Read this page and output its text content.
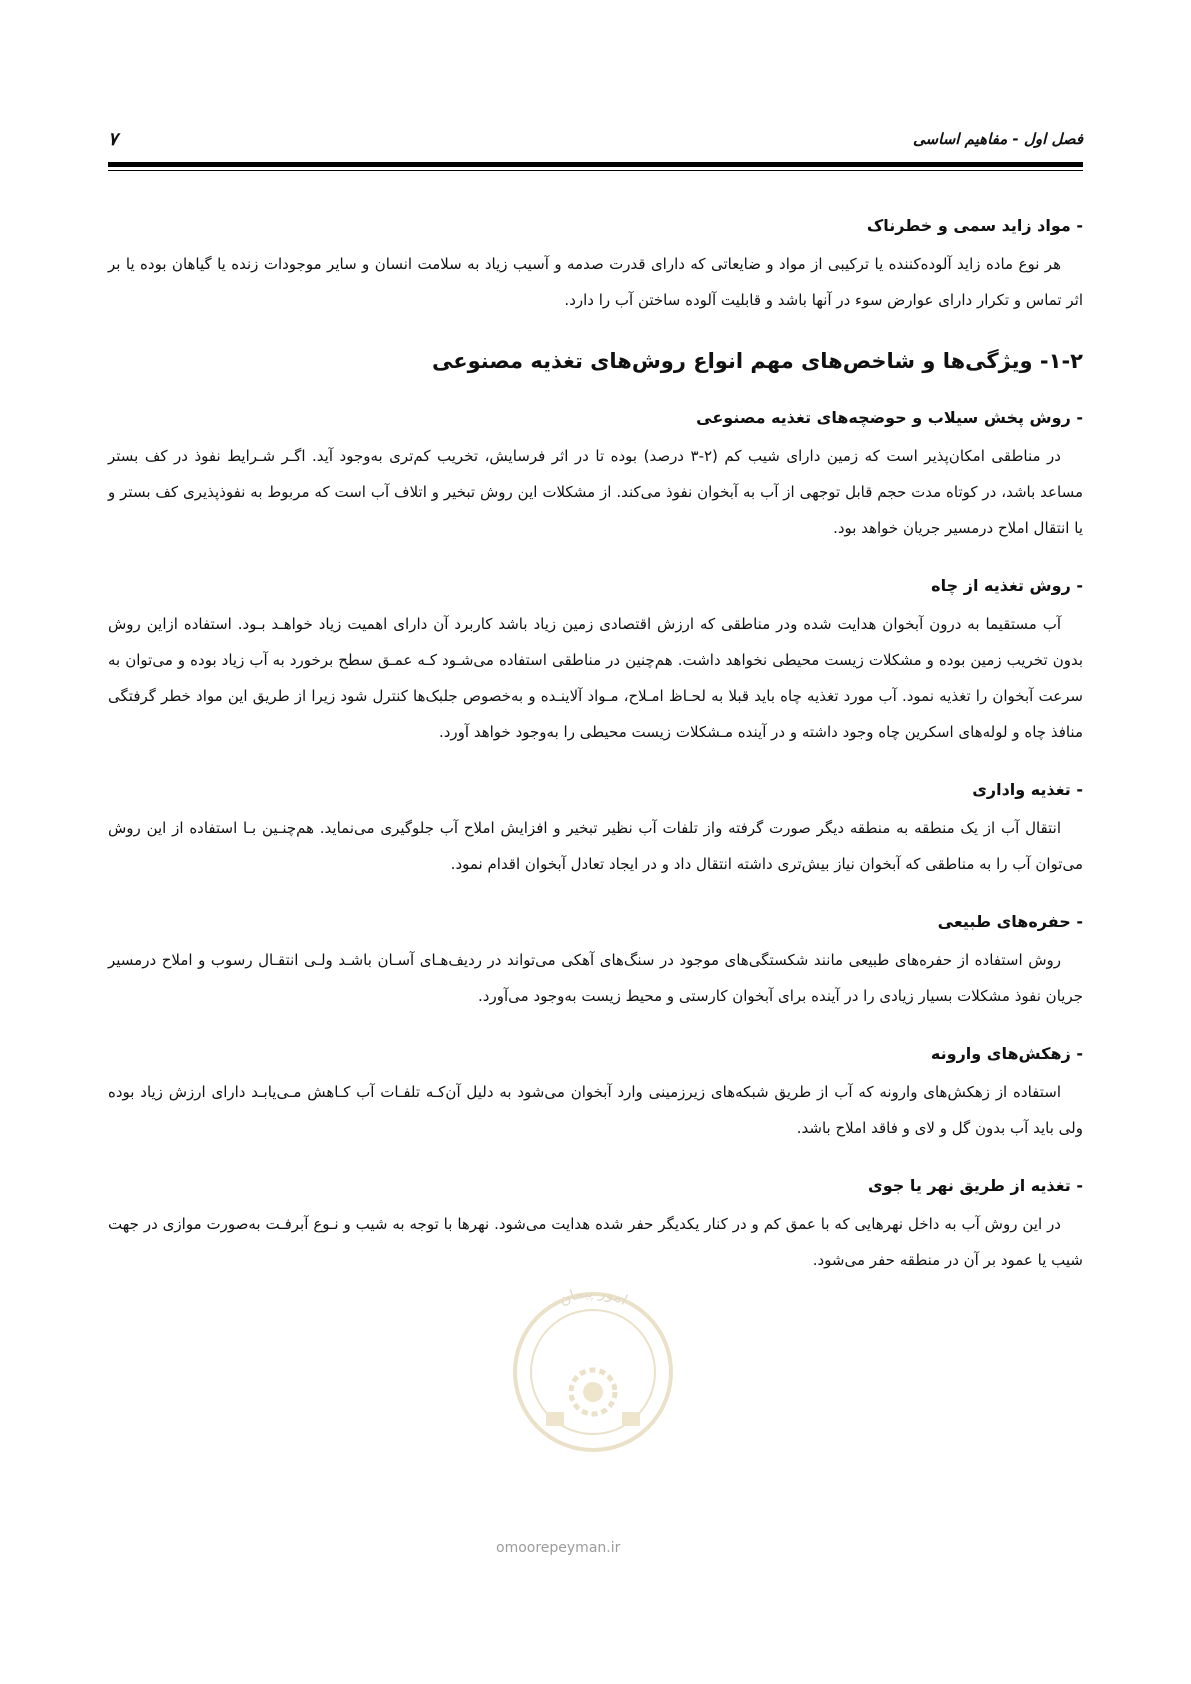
فصل اول - مفاهیم اساسی
۷
- مواد زاید سمی و خطرناک

هر نوع ماده زاید آلوده‌کننده یا ترکیبی از مواد و ضایعاتی که دارای قدرت صدمه و آسیب زیاد به سلامت انسان و سایر موجودات زنده یا گیاهان بوده یا بر اثر تماس و تکرار دارای عوارض سوء در آنها باشد و قابلیت آلوده ساختن آب را دارد.

۱-۲- ویژگی‌ها و شاخص‌های مهم انواع روش‌های تغذیه مصنوعی
- روش پخش سیلاب و حوضچه‌های تغذیه مصنوعی

در مناطقی امکان‌پذیر است که زمین دارای شیب کم (۲-۳ درصد) بوده تا در اثر فرسایش، تخریب کم‌تری به‌وجود آید. اگـر شـرایط نفوذ در کف بستر مساعد باشد، در کوتاه مدت حجم قابل توجهی از آب به آبخوان نفوذ می‌کند. از مشکلات این روش تبخیر و اتلاف آب است که مربوط به نفوذپذیری کف بستر و یا انتقال املاح درمسیر جریان خواهد بود.

- روش تغذیه از چاه

آب مستقیما به درون آبخوان هدایت شده ودر مناطقی که ارزش اقتصادی زمین زیاد باشد کاربرد آن دارای اهمیت زیاد خواهـد بـود. استفاده ازاین روش بدون تخریب زمین بوده و مشکلات زیست محیطی نخواهد داشت. هم‌چنین در مناطقی استفاده می‌شـود کـه عمـق سطح برخورد به آب زیاد بوده و می‌توان به سرعت آبخوان را تغذیه نمود. آب مورد تغذیه چاه باید قبلا به لحـاظ امـلاح، مـواد آلاینـده و به‌خصوص جلبک‌ها کنترل شود زیرا از طریق این مواد خطر گرفتگی منافذ چاه و لوله‌های اسکرین چاه وجود داشته و در آینده مـشکلات زیست محیطی را به‌وجود خواهد آورد.

- تغذیه واداری

انتقال آب از یک منطقه به منطقه دیگر صورت گرفته واز تلفات آب نظیر تبخیر و افزایش املاح آب جلوگیری می‌نماید. هم‌چنـین بـا استفاده از این روش می‌توان آب را به مناطقی که آبخوان نیاز بیش‌تری داشته انتقال داد و در ایجاد تعادل آبخوان اقدام نمود.

- حفره‌های طبیعی

روش استفاده از حفره‌های طبیعی مانند شکستگی‌های موجود در سنگ‌های آهکی می‌تواند در ردیف‌هـای آسـان باشـد ولـی انتقـال رسوب و املاح درمسیر جریان نفوذ مشکلات بسیار زیادی را در آینده برای آبخوان کارستی و محیط زیست به‌وجود می‌آورد.

- زهکش‌های وارونه

استفاده از زهکش‌های وارونه که آب از طریق شبکه‌های زیرزمینی وارد آبخوان می‌شود به دلیل آن‌کـه تلفـات آب کـاهش مـی‌یابـد دارای ارزش زیاد بوده ولی باید آب بدون گل و لای و فاقد املاح باشد.

- تغذیه از طریق نهر یا جوی

در این روش آب به داخل نهرهایی که با عمق کم و در کنار یکدیگر حفر شده هدایت می‌شود. نهرها با توجه به شیب و نـوع آبرفـت به‌صورت موازی در جهت شیب یا عمود بر آن در منطقه حفر می‌شود.

امور پیمان
omoorepeyman.ir
